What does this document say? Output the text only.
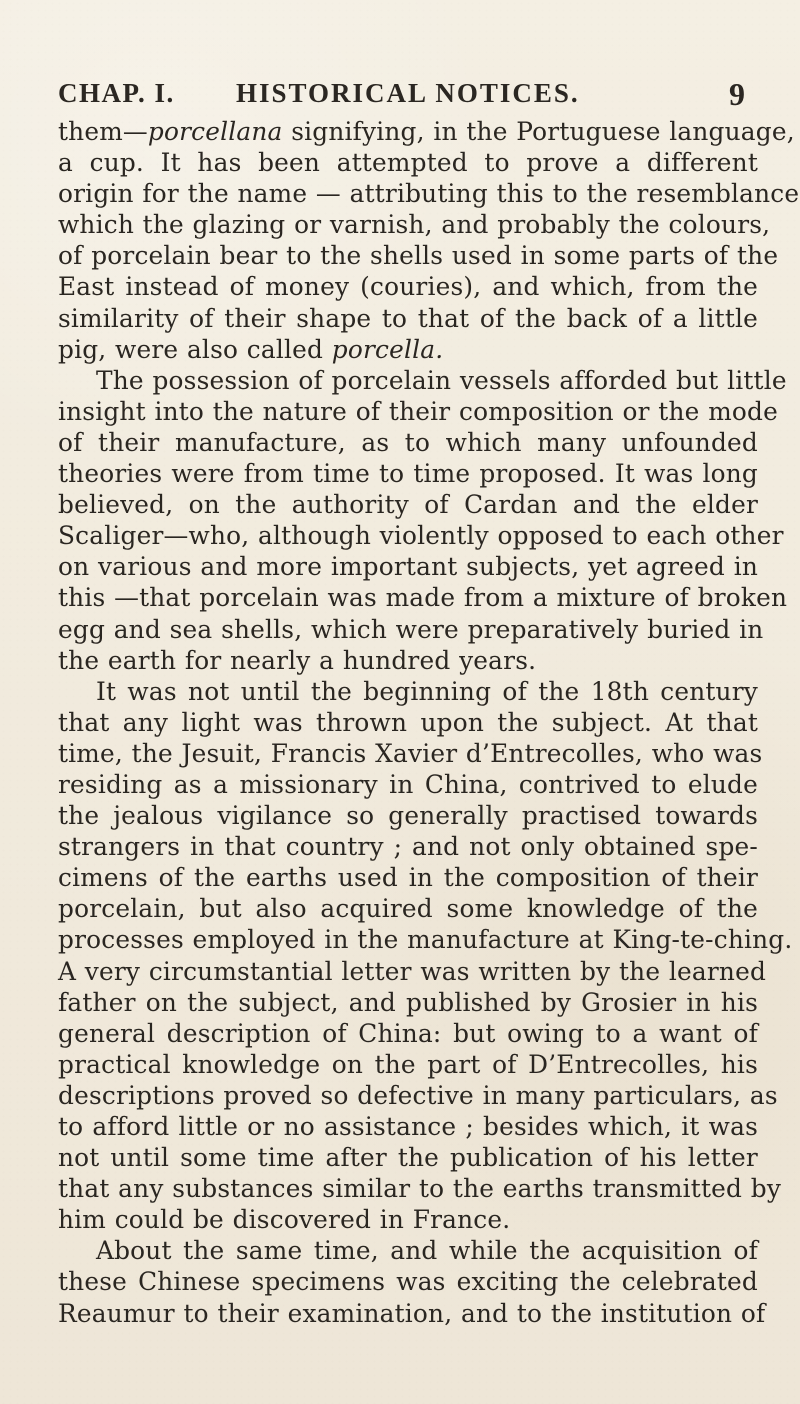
CHAP. I. HISTORICAL NOTICES.	9
them—porcellana signifying, in the Portuguese language,
a cup. It has been attempted to prove a different
origin for the name — attributing this to the resemblance
which the glazing or varnish, and probably the colours,
of porcelain bear to the shells used in some parts of the
East instead of money (couries), and which, from the
similarity of their shape to that of the back of a little
pig, were also called porcella.
The possession of porcelain vessels afforded but little
insight into the nature of their composition or the mode
of their manufacture, as to which many unfounded
theories were from time to time proposed. It was long
believed, on the authority of Cardan and the elder
Scaliger—who, although violently opposed to each other
on various and more important subjects, yet agreed in
this —that porcelain was made from a mixture of broken
egg and sea shells, which were preparatively buried in
the earth for nearly a hundred years.
It was not until the beginning of the 18th century
that any light was thrown upon the subject. At that
time, the Jesuit, Francis Xavier d’Entrecolles, who was
residing as a missionary in China, contrived to elude
the jealous vigilance so generally practised towards
strangers in that country ; and not only obtained spe-
cimens of the earths used in the composition of their
porcelain, but also acquired some knowledge of the
processes employed in the manufacture at King-te-ching.
A very circumstantial letter was written by the learned
father on the subject, and published by Grosier in his
general description of China: but owing to a want of
practical knowledge on the part of D’Entrecolles, his
descriptions proved so defective in many particulars, as
to afford little or no assistance ; besides which, it was
not until some time after the publication of his letter
that any substances similar to the earths transmitted by
him could be discovered in France.
About the same time, and while the acquisition of
these Chinese specimens was exciting the celebrated
Reaumur to their examination, and to the institution of
